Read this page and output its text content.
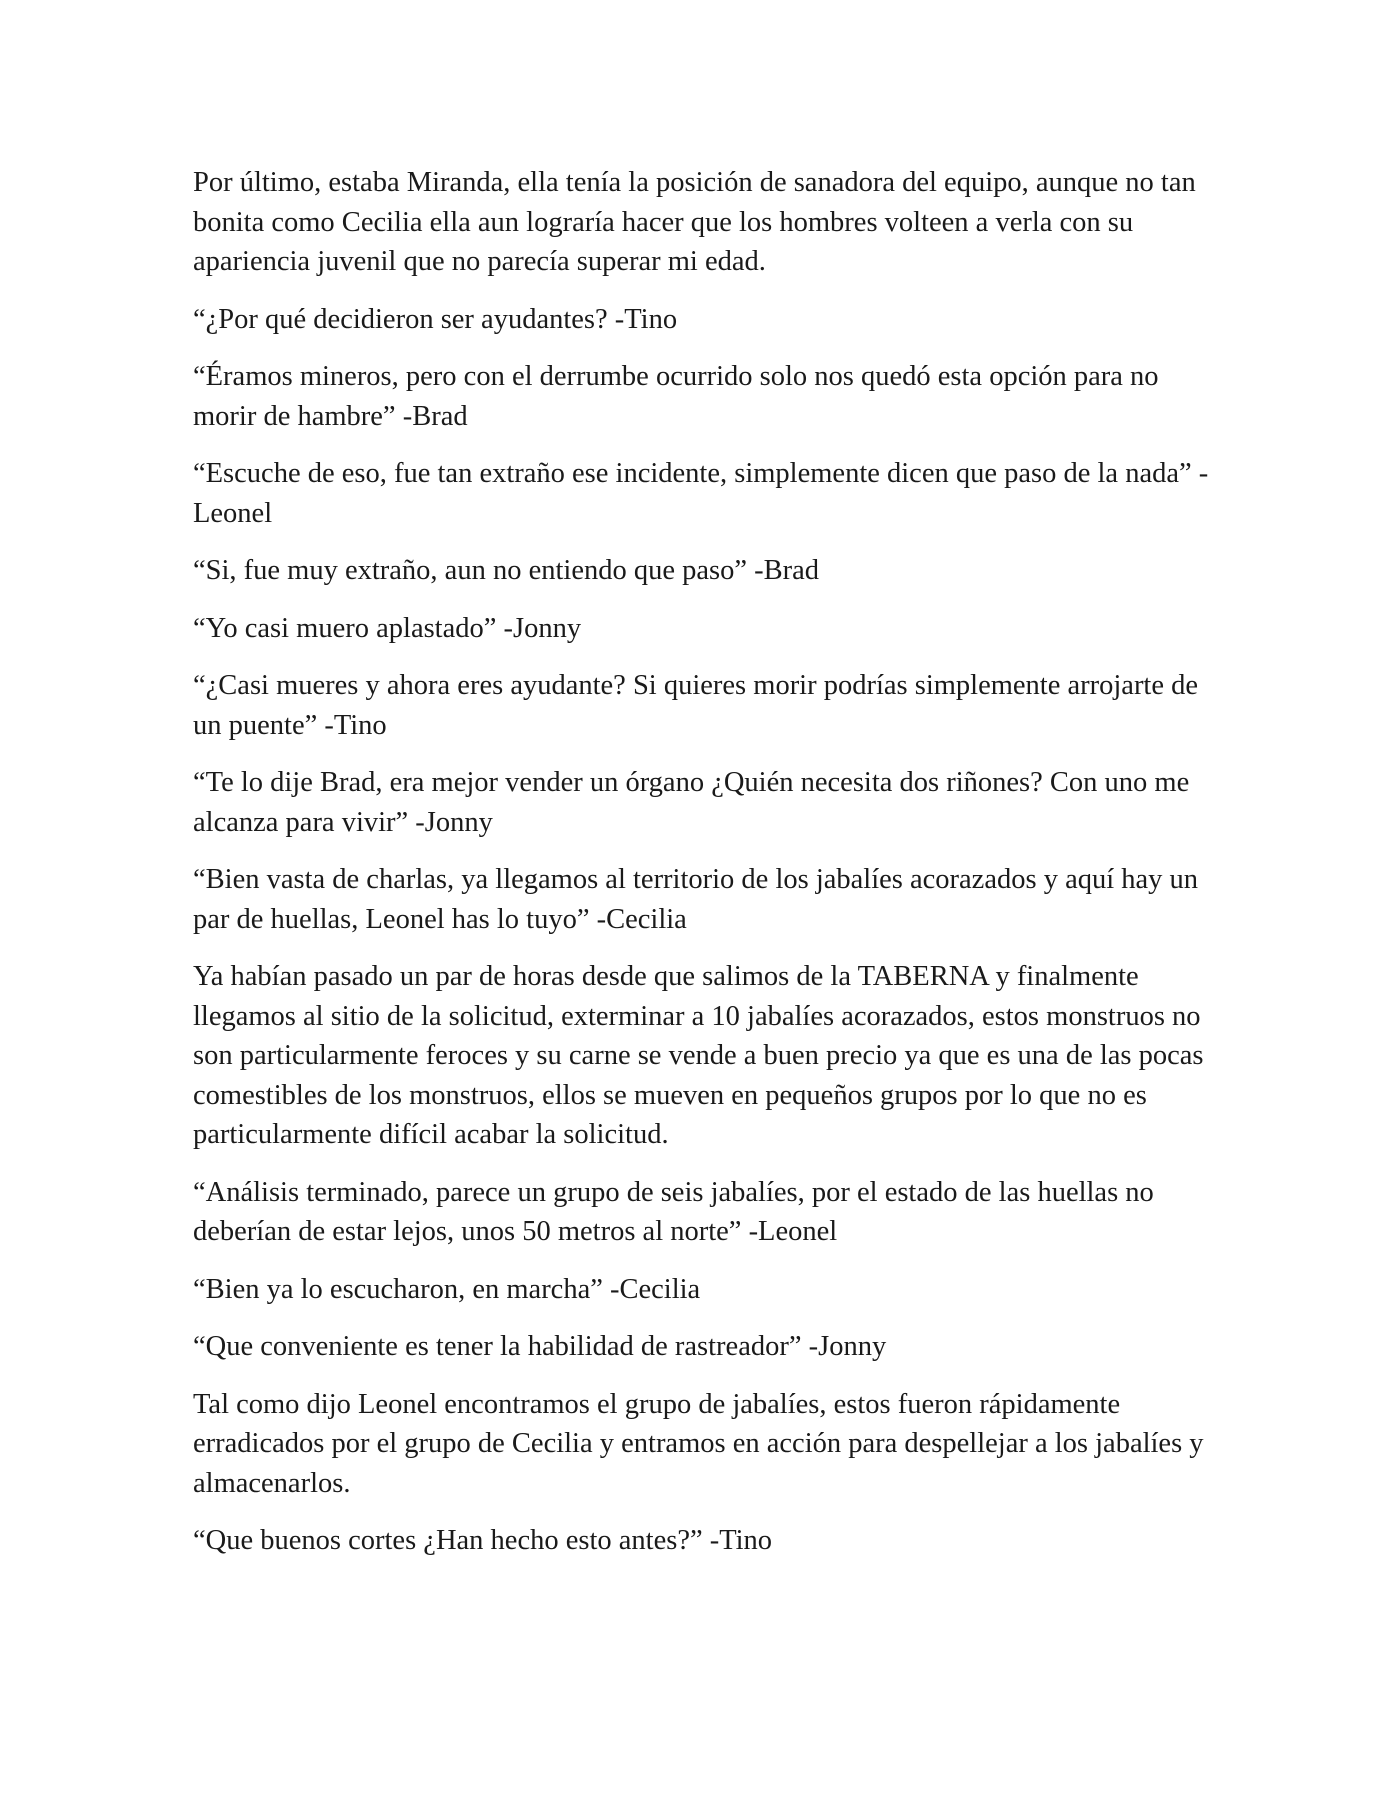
Por último, estaba Miranda, ella tenía la posición de sanadora del equipo, aunque no tan bonita como Cecilia ella aun lograría hacer que los hombres volteen a verla con su apariencia juvenil que no parecía superar mi edad.

“¿Por qué decidieron ser ayudantes? -Tino

“Éramos mineros, pero con el derrumbe ocurrido solo nos quedó esta opción para no morir de hambre” -Brad

“Escuche de eso, fue tan extraño ese incidente, simplemente dicen que paso de la nada” -Leonel

“Si, fue muy extraño, aun no entiendo que paso” -Brad

“Yo casi muero aplastado” -Jonny

“¿Casi mueres y ahora eres ayudante? Si quieres morir podrías simplemente arrojarte de un puente” -Tino

“Te lo dije Brad, era mejor vender un órgano ¿Quién necesita dos riñones? Con uno me alcanza para vivir” -Jonny

“Bien vasta de charlas, ya llegamos al territorio de los jabalíes acorazados y aquí hay un par de huellas, Leonel has lo tuyo” -Cecilia

Ya habían pasado un par de horas desde que salimos de la TABERNA y finalmente llegamos al sitio de la solicitud, exterminar a 10 jabalíes acorazados, estos monstruos no son particularmente feroces y su carne se vende a buen precio ya que es una de las pocas comestibles de los monstruos, ellos se mueven en pequeños grupos por lo que no es particularmente difícil acabar la solicitud.

“Análisis terminado, parece un grupo de seis jabalíes, por el estado de las huellas no deberían de estar lejos, unos 50 metros al norte” -Leonel

“Bien ya lo escucharon, en marcha” -Cecilia

“Que conveniente es tener la habilidad de rastreador” -Jonny

Tal como dijo Leonel encontramos el grupo de jabalíes, estos fueron rápidamente erradicados por el grupo de Cecilia y entramos en acción para despellejar a los jabalíes y almacenarlos.

“Que buenos cortes ¿Han hecho esto antes?” -Tino
